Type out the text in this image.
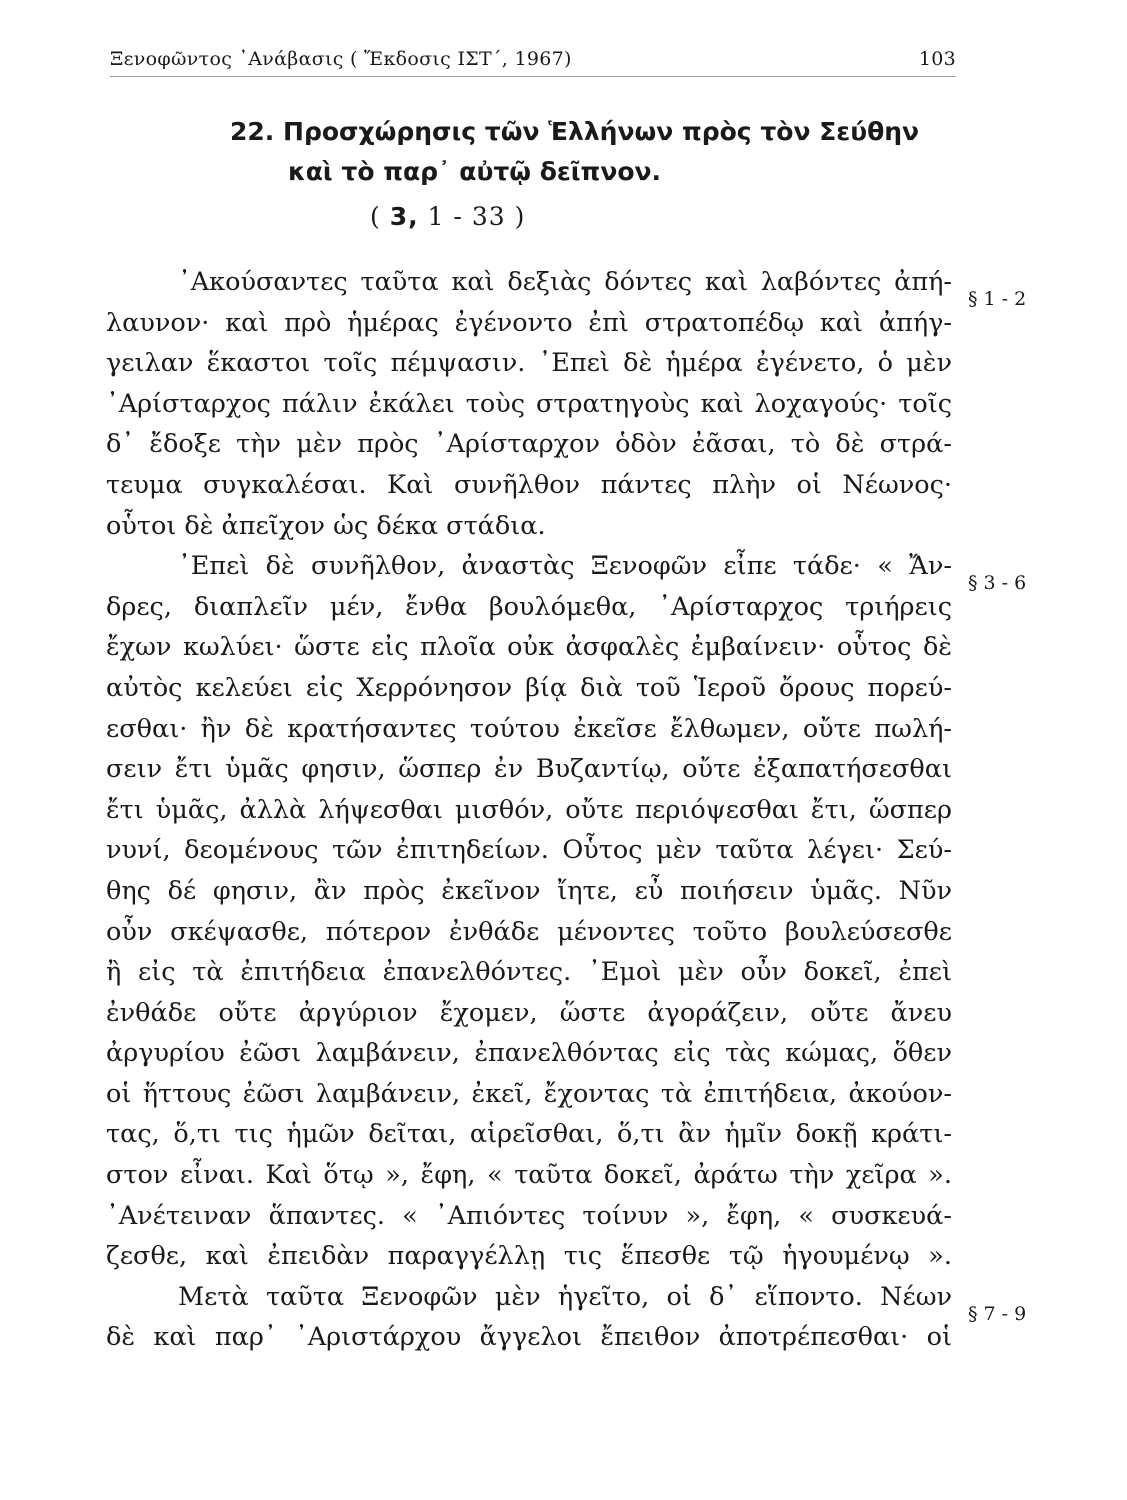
Ξενοφῶντος ᾿Ανάβασις ( Ἔκδοσις ΙΣΤ΄, 1967)	103
22. Προσχώρησις τῶν Ἑλλήνων πρὸς τὸν Σεύθην
καὶ τὸ παρ᾿ αὐτῷ δεῖπνον.
( 3, 1 - 33 )
᾿Ακούσαντες ταῦτα καὶ δεξιὰς δόντες καὶ λαβόντες ἀπή-
λαυνον· καὶ πρὸ ἡμέρας ἐγένοντο ἐπὶ στρατοπέδῳ καὶ ἀπήγ-
γειλαν ἕκαστοι τοῖς πέμψασιν. ᾿Επεὶ δὲ ἡμέρα ἐγένετο, ὁ μὲν
᾿Αρίσταρχος πάλιν ἐκάλει τοὺς στρατηγοὺς καὶ λοχαγούς· τοῖς
δ᾿ ἔδοξε τὴν μὲν πρὸς ᾿Αρίσταρχον ὁδὸν ἐᾶσαι, τὸ δὲ στρά-
τευμα συγκαλέσαι. Καὶ συνῆλθον πάντες πλὴν οἱ Νέωνος·
οὗτοι δὲ ἀπεῖχον ὡς δέκα στάδια.
᾿Επεὶ δὲ συνῆλθον, ἀναστὰς Ξενοφῶν εἶπε τάδε· « Ἄν-
δρες, διαπλεῖν μέν, ἔνθα βουλόμεθα, ᾿Αρίσταρχος τριήρεις
ἔχων κωλύει· ὥστε εἰς πλοῖα οὐκ ἀσφαλὲς ἐμβαίνειν· οὗτος δὲ
αὐτὸς κελεύει εἰς Χερρόνησον βίᾳ διὰ τοῦ Ἱεροῦ ὄρους πορεύ-
εσθαι· ἢν δὲ κρατήσαντες τούτου ἐκεῖσε ἔλθωμεν, οὔτε πωλή-
σειν ἔτι ὑμᾶς φησιν, ὥσπερ ἐν Βυζαντίῳ, οὔτε ἐξαπατήσεσθαι
ἔτι ὑμᾶς, ἀλλὰ λήψεσθαι μισθόν, οὔτε περιόψεσθαι ἔτι, ὥσπερ
νυνί, δεομένους τῶν ἐπιτηδείων. Οὗτος μὲν ταῦτα λέγει· Σεύ-
θης δέ φησιν, ἂν πρὸς ἐκεῖνον ἴητε, εὖ ποιήσειν ὑμᾶς. Νῦν
οὖν σκέψασθε, πότερον ἐνθάδε μένοντες τοῦτο βουλεύσεσθε
ἢ εἰς τὰ ἐπιτήδεια ἐπανελθόντες. ᾿Εμοὶ μὲν οὖν δοκεῖ, ἐπεὶ
ἐνθάδε οὔτε ἀργύριον ἔχομεν, ὥστε ἀγοράζειν, οὔτε ἄνευ
ἀργυρίου ἐῶσι λαμβάνειν, ἐπανελθόντας εἰς τὰς κώμας, ὅθεν
οἱ ἥττους ἐῶσι λαμβάνειν, ἐκεῖ, ἔχοντας τὰ ἐπιτήδεια, ἀκούον-
τας, ὅ,τι τις ἡμῶν δεῖται, αἱρεῖσθαι, ὅ,τι ἂν ἡμῖν δοκῇ κράτι-
στον εἶναι. Καὶ ὅτῳ », ἔφη, « ταῦτα δοκεῖ, ἀράτω τὴν χεῖρα ».
᾿Ανέτειναν ἅπαντες. « ᾿Απιόντες τοίνυν », ἔφη, « συσκευά-
ζεσθε, καὶ ἐπειδὰν παραγγέλλῃ τις ἕπεσθε τῷ ἡγουμένῳ ».
Μετὰ ταῦτα Ξενοφῶν μὲν ἡγεῖτο, οἱ δ᾿ εἵποντο. Νέων
δὲ καὶ παρ᾿ ᾿Αριστάρχου ἄγγελοι ἔπειθον ἀποτρέπεσθαι· οἱ
§ 1 - 2
§ 3 - 6
§ 7 - 9
